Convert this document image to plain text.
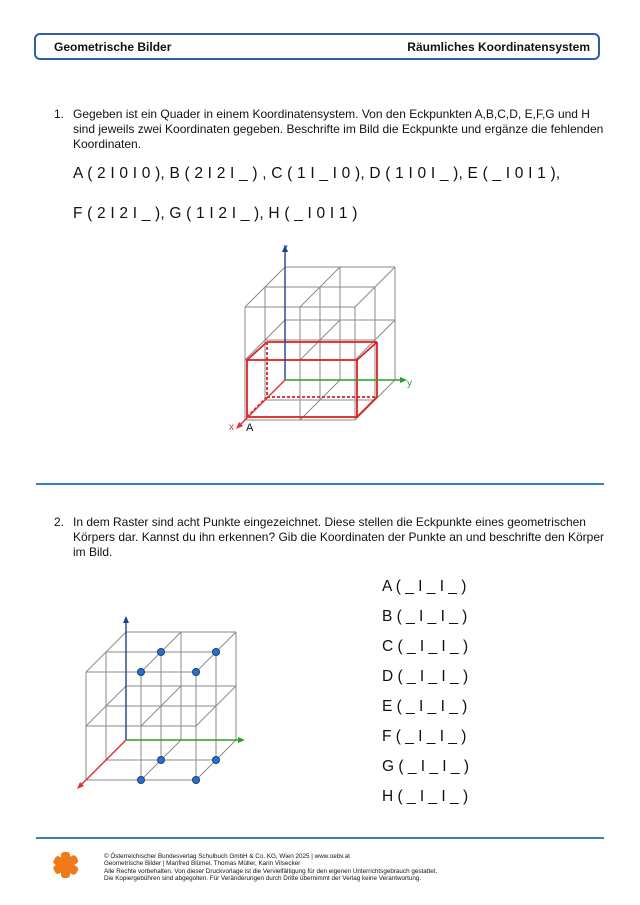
Geometrische Bilder	Räumliches Koordinatensystem
1. Gegeben ist ein Quader in einem Koordinatensystem. Von den Eckpunkten A,B,C,D, E,F,G und H sind jeweils zwei Koordinaten gegeben. Beschrifte im Bild die Eckpunkte und ergänze die fehlenden Koordinaten.
A ( 2 I 0 I 0 ), B ( 2 I 2 I _ ) , C ( 1 I _ I 0 ), D ( 1 I 0 I _ ), E ( _ I 0 I 1 ),
F ( 2 I 2 I _ ), G ( 1 I 2 I _ ), H ( _ I 0 I 1 )
z
y
x A
2. In dem Raster sind acht Punkte eingezeichnet. Diese stellen die Eckpunkte eines geometrischen Körpers dar. Kannst du ihn erkennen? Gib die Koordinaten der Punkte an und beschrifte den Körper im Bild.
A ( _ I _ I _ )
B ( _ I _ I _ )
C ( _ I _ I _ )
D ( _ I _ I _ )
E ( _ I _ I _ )
F ( _ I _ I _ )
G ( _ I _ I _ )
H ( _ I _ I _ )
© Österreichischer Bundesverlag Schulbuch GmbH & Co. KG, Wien 2025 | www.oebv.at
Geometrische Bilder | Manfred Blümel, Thomas Müller, Karin Vilsecker
Alle Rechte vorbehalten. Von dieser Druckvorlage ist die Vervielfältigung für den eigenen Unterrichtsgebrauch gestattet.
Die Kopiergebühren sind abgegolten. Für Veränderungen durch Dritte übernimmt der Verlag keine Verantwortung.
